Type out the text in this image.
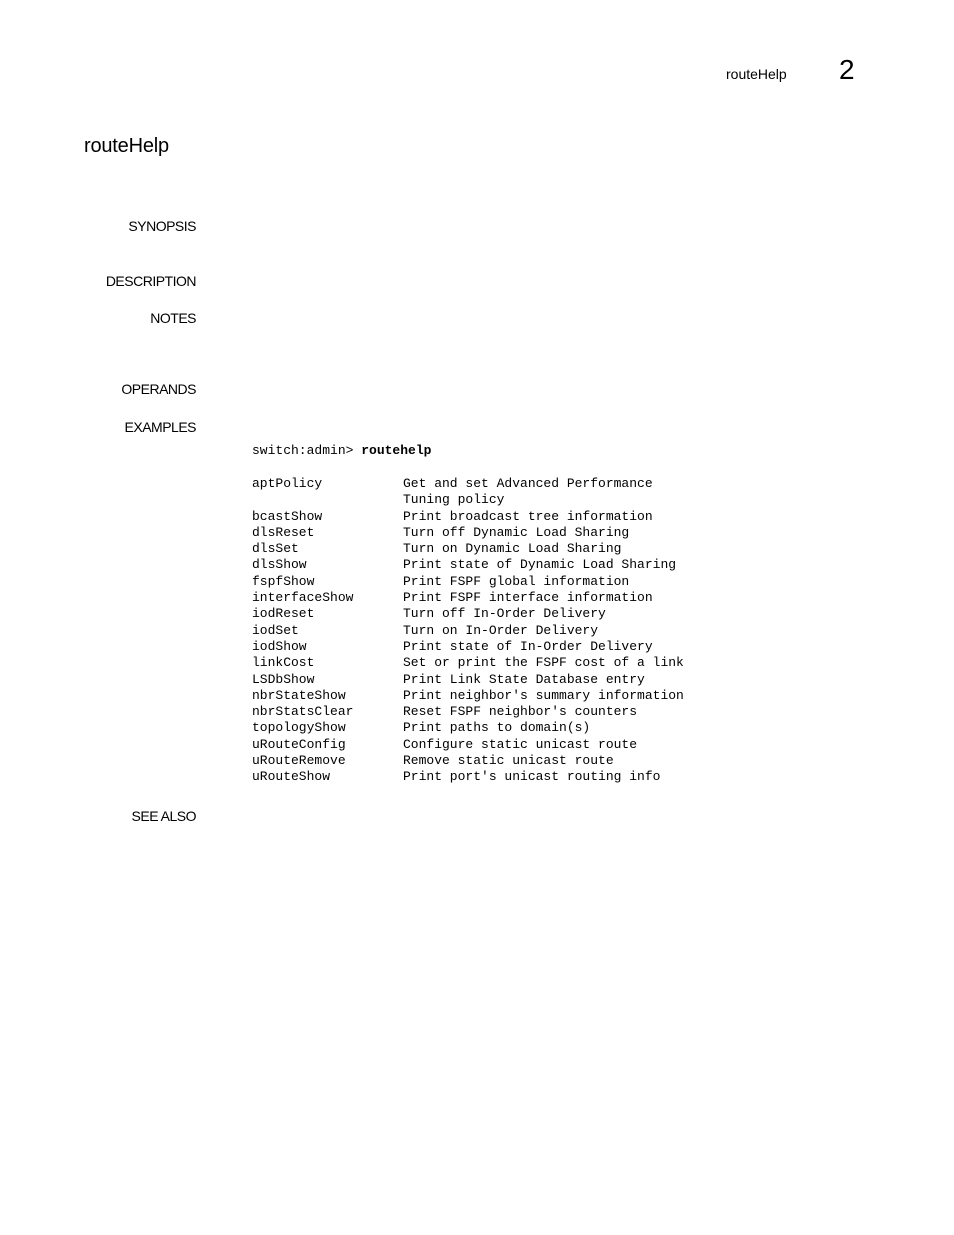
routeHelp 2
routeHelp
SYNOPSIS
DESCRIPTION
NOTES
OPERANDS
EXAMPLES
SEE ALSO
switch:admin> routehelp
aptPolicy	Get and set Advanced Performance
Tuning policy
bcastShow	Print broadcast tree information
dlsReset	Turn off Dynamic Load Sharing
dlsSet	Turn on Dynamic Load Sharing
dlsShow	Print state of Dynamic Load Sharing
fspfShow	Print FSPF global information
interfaceShow	Print FSPF interface information
iodReset	Turn off In-Order Delivery
iodSet	Turn on In-Order Delivery
iodShow	Print state of In-Order Delivery
linkCost	Set or print the FSPF cost of a link
LSDbShow	Print Link State Database entry
nbrStateShow	Print neighbor's summary information
nbrStatsClear	Reset FSPF neighbor's counters
topologyShow	Print paths to domain(s)
uRouteConfig	Configure static unicast route
uRouteRemove	Remove static unicast route
uRouteShow	Print port's unicast routing info
